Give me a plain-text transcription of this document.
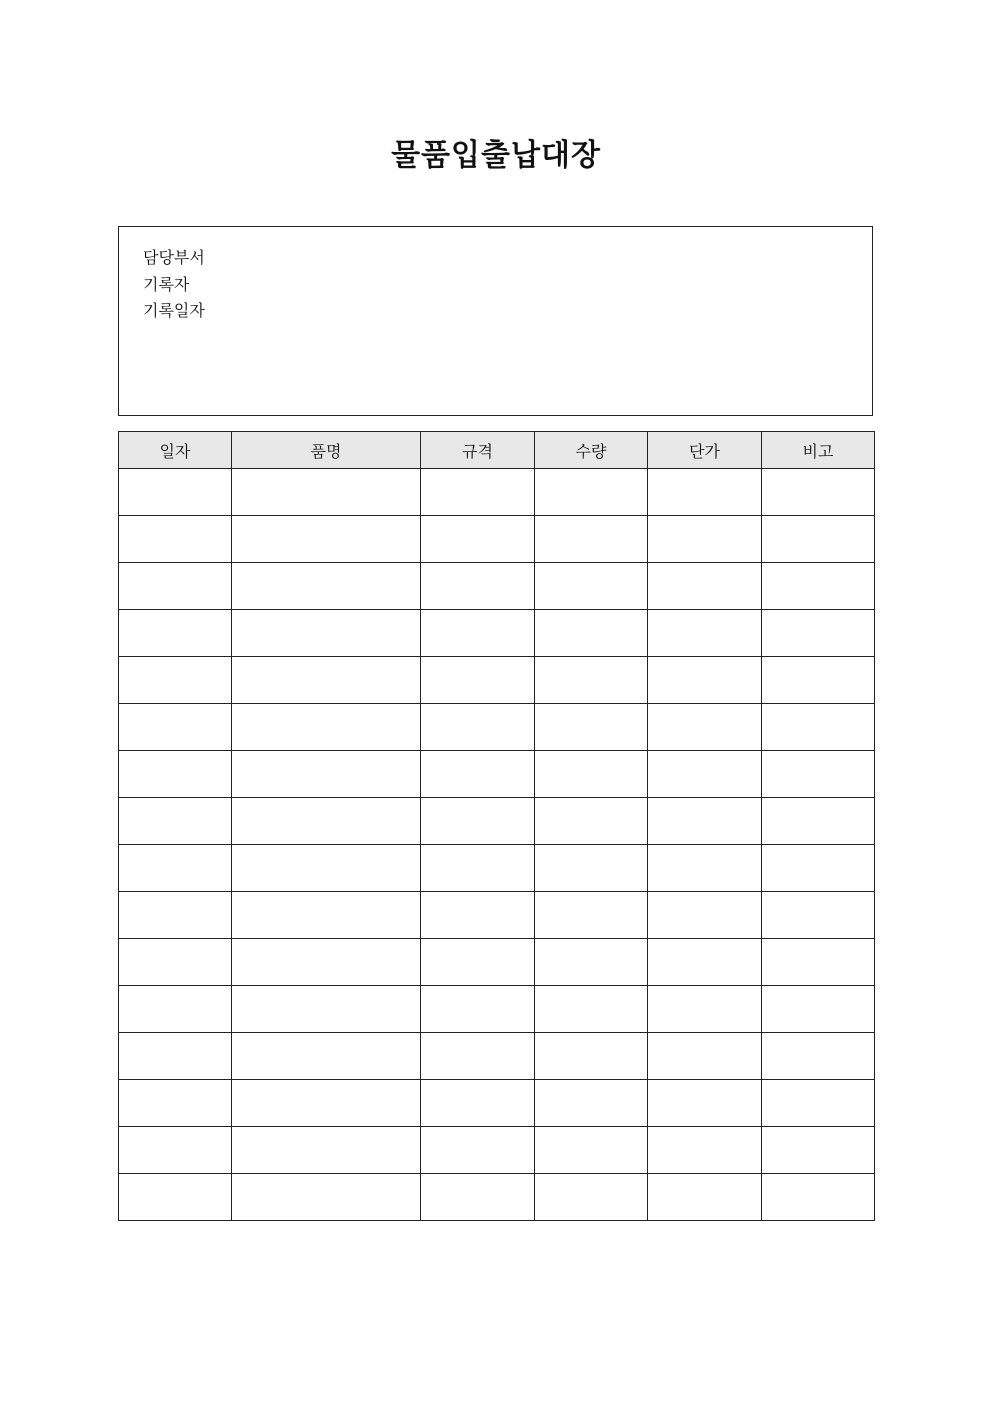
물품입출납대장
담당부서
기록자
기록일자
일자	품명	규격	수량	단가	비고
